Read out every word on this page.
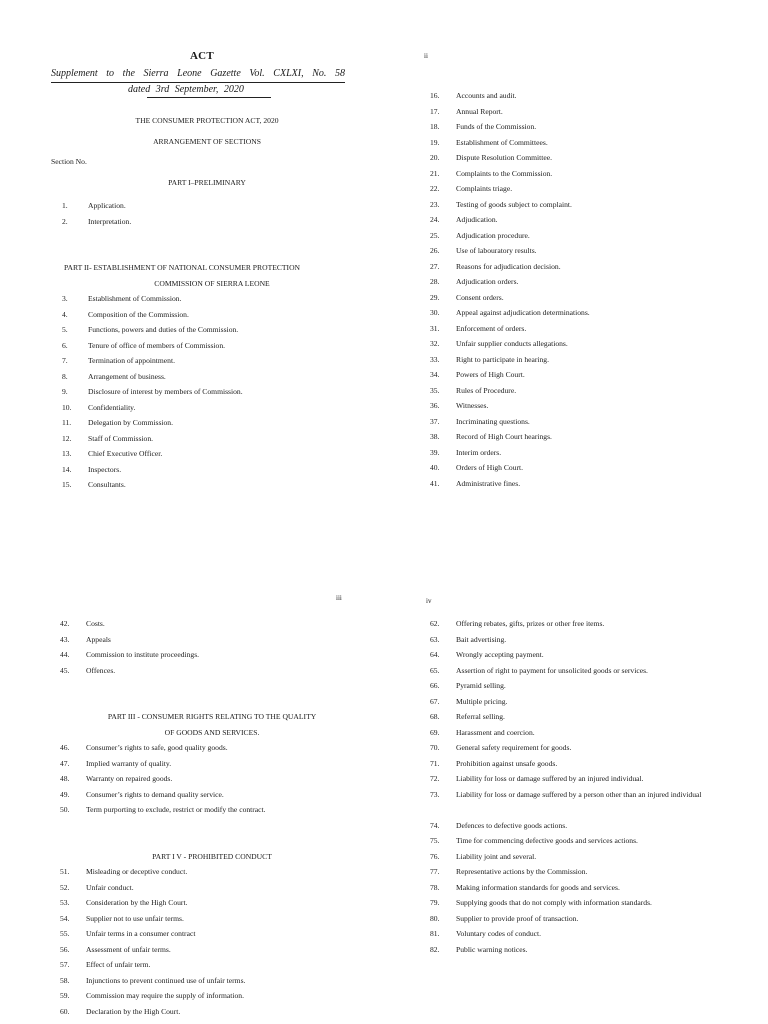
ACT
Supplement to the Sierra Leone Gazette Vol. CXLXI, No. 58
dated 3rd September, 2020
ii
iii	iv
THE CONSUMER PROTECTION ACT, 2020
ARRANGEMENT OF SECTIONS
Section No.
PART I–PRELIMINARY
1.	Application.
2.	Interpretation.
PART II- ESTABLISHMENT OF NATIONAL CONSUMER PROTECTION
COMMISSION OF SIERRA LEONE
3.	Establishment of Commission.
4.	Composition of the Commission.
5.	Functions, powers and duties of the Commission.
6.	Tenure of office of members of Commission.
7.	Termination of appointment.
8.	Arrangement of business.
9.	Disclosure of interest by members of Commission.
10.	Confidentiality.
11.	Delegation by Commission.
12.	Staff of Commission.
13.	Chief Executive Officer.
14.	Inspectors.
15.	Consultants.
16.	Accounts and audit.
17.	Annual Report.
18.	Funds of the Commission.
19.	Establishment of Committees.
20.	Dispute Resolution Committee.
21.	Complaints to the Commission.
22.	Complaints triage.
23.	Testing of goods subject to complaint.
24.	Adjudication.
25.	Adjudication procedure.
26.	Use of labouratory results.
27.	Reasons for adjudication decision.
28.	Adjudication orders.
29.	Consent orders.
30.	Appeal against adjudication determinations.
31.	Enforcement of orders.
32.	Unfair supplier conducts allegations.
33.	Right to participate in hearing.
34.	Powers of High Court.
35.	Rules of Procedure.
36.	Witnesses.
37.	Incriminating questions.
38.	Record of High Court hearings.
39.	Interim orders.
40.	Orders of High Court.
41.	Administrative fines.
42.	Costs.
43.	Appeals
44.	Commission to institute proceedings.
45.	Offences.
PART III - CONSUMER RIGHTS RELATING TO THE QUALITY
OF GOODS AND SERVICES.
46.	Consumer’s rights to safe, good quality goods.
47.	Implied warranty of quality.
48.	Warranty on repaired goods.
49.	Consumer’s rights to demand quality service.
50.	Term purporting to exclude, restrict or modify the contract.
PART I V - PROHIBITED CONDUCT
51.	Misleading or deceptive conduct.
52.	Unfair conduct.
53.	Consideration by the High Court.
54.	Supplier not to use unfair terms.
55.	Unfair terms in a consumer contract
56.	Assessment of unfair terms.
57.	Effect of unfair term.
58.	Injunctions to prevent continued use of unfair terms.
59.	Commission may require the supply of information.
60.	Declaration by the High Court.
62.	Offering rebates, gifts, prizes or other free items.
63.	Bait advertising.
64.	Wrongly accepting payment.
65.	Assertion of right to payment for unsolicited goods or services.
66.	Pyramid selling.
67.	Multiple pricing.
68.	Referral selling.
69.	Harassment and coercion.
70.	General safety requirement for goods.
71.	Prohibition against unsafe goods.
72.	Liability for loss or damage suffered by an injured individual.
73.	Liability for loss or damage suffered by a person other than an injured individual
74.	Defences to defective goods actions.
75.	Time for commencing defective goods and services actions.
76.	Liability joint and several.
77.	Representative actions by the Commission.
78.	Making information standards for goods and services.
79.	Supplying goods that do not comply with information standards.
80.	Supplier to provide proof of transaction.
81.	Voluntary codes of conduct.
82.	Public warning notices.
